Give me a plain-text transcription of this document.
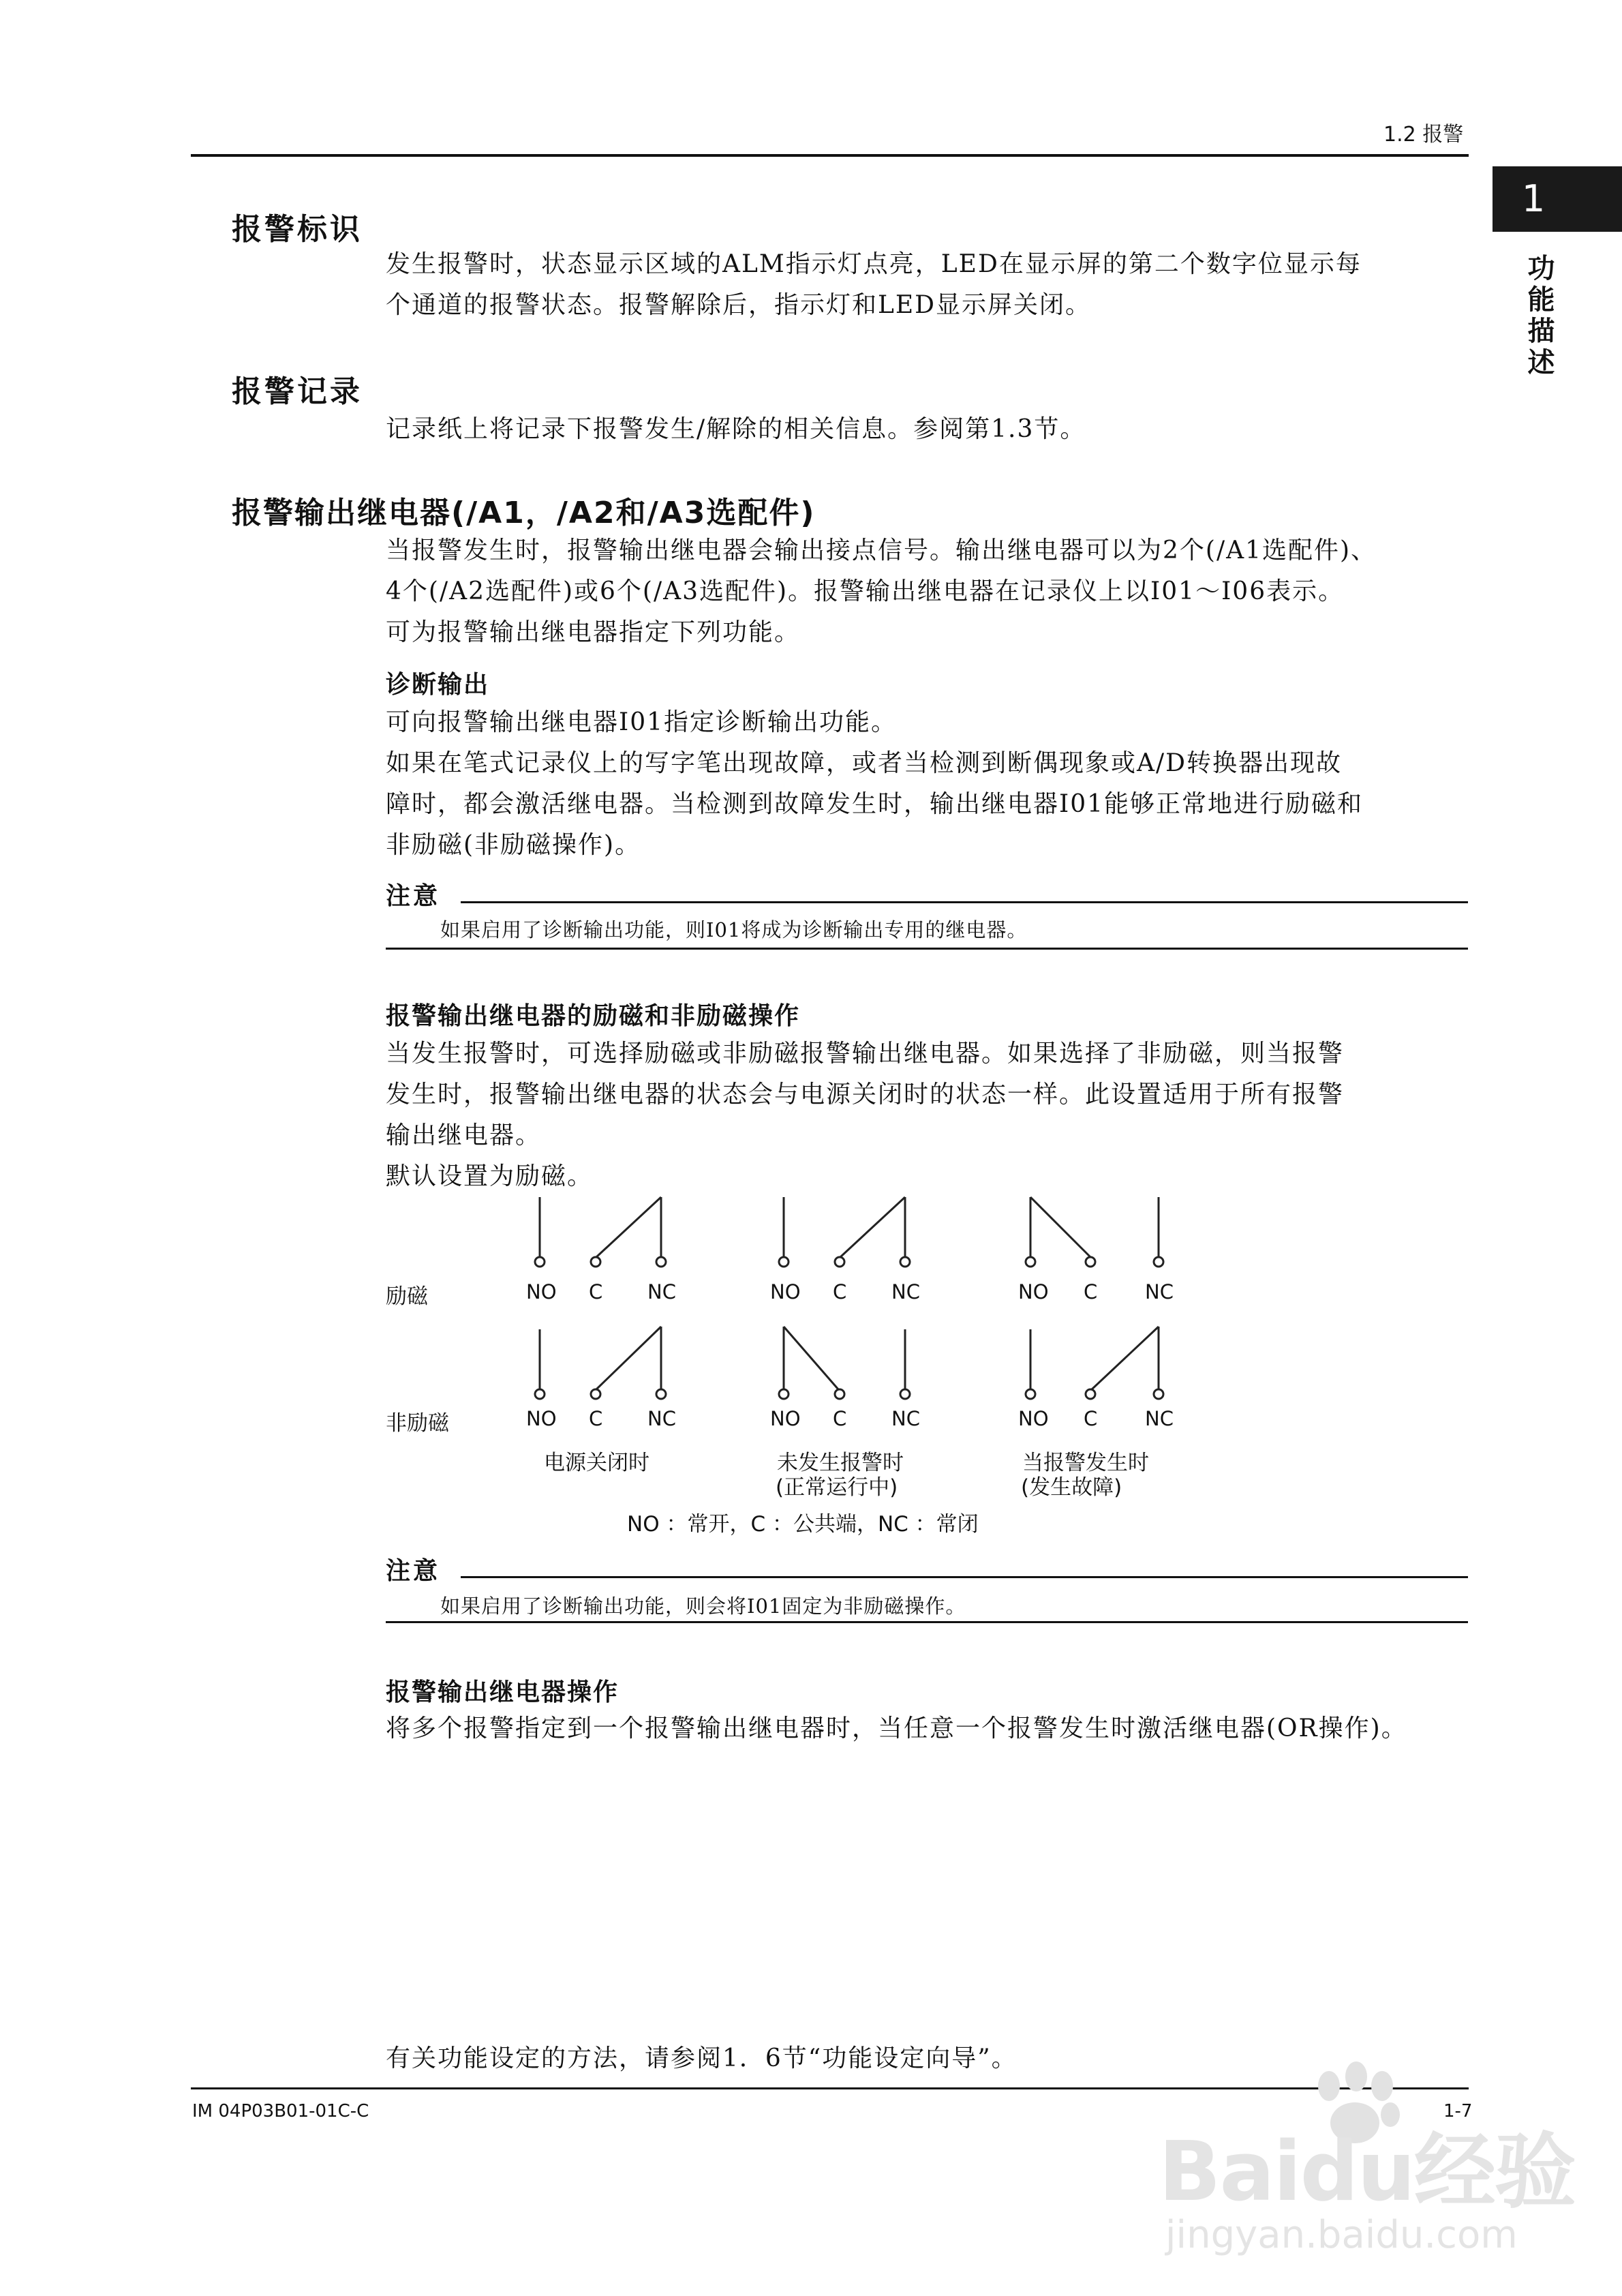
1.2 报警
1
功能描述
报警标识
发生报警时，状态显示区域的ALM指示灯点亮，LED在显示屏的第二个数字位显示每
个通道的报警状态。报警解除后，指示灯和LED显示屏关闭。
报警记录
记录纸上将记录下报警发生/解除的相关信息。参阅第1.3节。
报警输出继电器(/A1，/A2和/A3选配件)
当报警发生时，报警输出继电器会输出接点信号。输出继电器可以为2个(/A1选配件)、
4个(/A2选配件)或6个(/A3选配件)。报警输出继电器在记录仪上以I01～I06表示。
可为报警输出继电器指定下列功能。
诊断输出
可向报警输出继电器I01指定诊断输出功能。
如果在笔式记录仪上的写字笔出现故障，或者当检测到断偶现象或A/D转换器出现故
障时，都会激活继电器。当检测到故障发生时，输出继电器I01能够正常地进行励磁和
非励磁(非励磁操作)。
注意
如果启用了诊断输出功能，则I01将成为诊断输出专用的继电器。
报警输出继电器的励磁和非励磁操作
当发生报警时，可选择励磁或非励磁报警输出继电器。如果选择了非励磁，则当报警
发生时，报警输出继电器的状态会与电源关闭时的状态一样。此设置适用于所有报警
输出继电器。
默认设置为励磁。
励磁
非励磁
NO C NC	NO C NC	NO C NC
NO C NC	NO C NC	NO C NC
电源关闭时	未发生报警时
(正常运行中)
当报警发生时
(发生故障)
NO ：常开，C ：公共端，NC ：常闭
注意
如果启用了诊断输出功能，则会将I01固定为非励磁操作。
报警输出继电器操作
将多个报警指定到一个报警输出继电器时，当任意一个报警发生时激活继电器(OR操作)。
有关功能设定的方法，请参阅1．6节“功能设定向导”。
IM 04P03B01-01C-C	1-7
Baidu经验
jingyan.baidu.com
